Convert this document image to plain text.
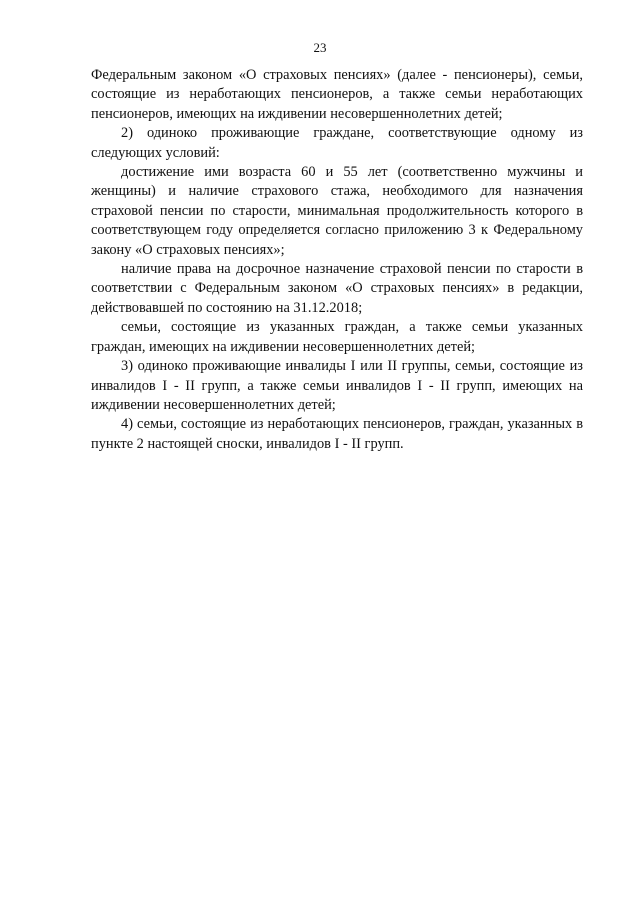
23

Федеральным законом «О страховых пенсиях» (далее - пенсионеры), семьи, состоящие из неработающих пенсионеров, а также семьи неработающих пенсионеров, имеющих на иждивении несовершеннолетних детей;

2) одиноко проживающие граждане, соответствующие одному из следующих условий:

достижение ими возраста 60 и 55 лет (соответственно мужчины и женщины) и наличие страхового стажа, необходимого для назначения страховой пенсии по старости, минимальная продолжительность которого в соответствующем году определяется согласно приложению 3 к Федеральному закону «О страховых пенсиях»;

наличие права на досрочное назначение страховой пенсии по старости в соответствии с Федеральным законом «О страховых пенсиях» в редакции, действовавшей по состоянию на 31.12.2018;

семьи, состоящие из указанных граждан, а также семьи указанных граждан, имеющих на иждивении несовершеннолетних детей;

3) одиноко проживающие инвалиды I или II группы, семьи, состоящие из инвалидов I - II групп, а также семьи инвалидов I - II групп, имеющих на иждивении несовершеннолетних детей;

4) семьи, состоящие из неработающих пенсионеров, граждан, указанных в пункте 2 настоящей сноски, инвалидов I - II групп.
